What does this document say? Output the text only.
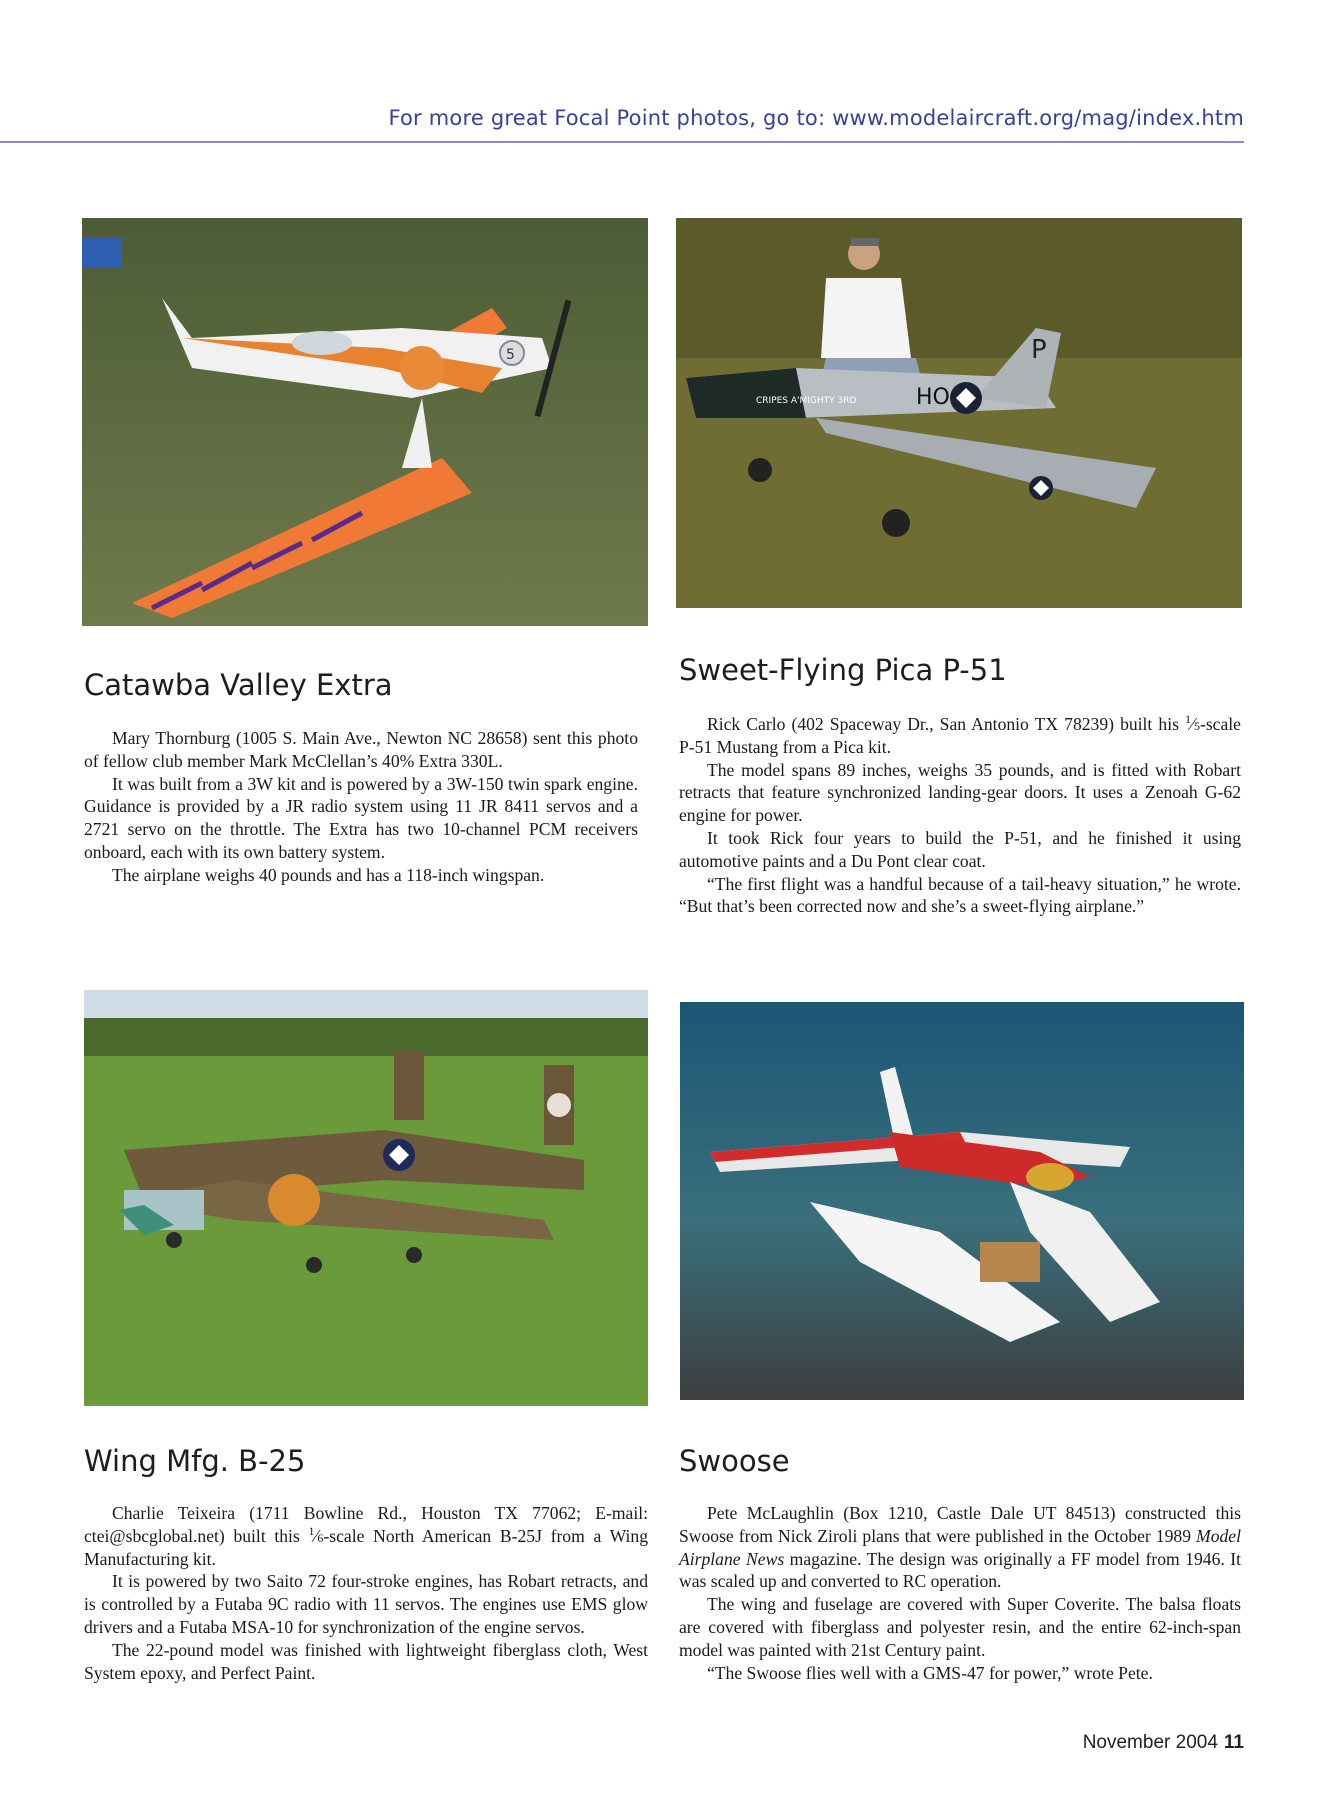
For more great Focal Point photos, go to: www.modelaircraft.org/mag/index.htm
5	P
HO
CRIPES A'MIGHTY 3RD
Catawba Valley Extra	Sweet-Flying Pica P-51
Wing Mfg. B-25	Swoose

Mary Thornburg (1005 S. Main Ave., Newton NC 28658) sent this photo of fellow club member Mark McClellan’s 40% Extra 330L.

It was built from a 3W kit and is powered by a 3W-150 twin spark engine. Guidance is provided by a JR radio system using 11 JR 8411 servos and a 2721 servo on the throttle. The Extra has two 10-channel PCM receivers onboard, each with its own battery system.

The airplane weighs 40 pounds and has a 118-inch wingspan.

Rick Carlo (402 Spaceway Dr., San Antonio TX 78239) built his $^1$⁄5-scale P-51 Mustang from a Pica kit.

The model spans 89 inches, weighs 35 pounds, and is fitted with Robart retracts that feature synchronized landing-gear doors. It uses a Zenoah G-62 engine for power.

It took Rick four years to build the P-51, and he finished it using automotive paints and a Du Pont clear coat.

“The first flight was a handful because of a tail-heavy situation,” he wrote. “But that’s been corrected now and she’s a sweet-flying airplane.”

Charlie Teixeira (1711 Bowline Rd., Houston TX 77062; E-mail: ctei@sbcglobal.net) built this $^1$⁄6-scale North American B-25J from a Wing Manufacturing kit.

It is powered by two Saito 72 four-stroke engines, has Robart retracts, and is controlled by a Futaba 9C radio with 11 servos. The engines use EMS glow drivers and a Futaba MSA-10 for synchronization of the engine servos.

The 22-pound model was finished with lightweight fiberglass cloth, West System epoxy, and Perfect Paint.

Pete McLaughlin (Box 1210, Castle Dale UT 84513) constructed this Swoose from Nick Ziroli plans that were published in the October 1989 Model Airplane News magazine. The design was originally a FF model from 1946. It was scaled up and converted to RC operation.

The wing and fuselage are covered with Super Coverite. The balsa floats are covered with fiberglass and polyester resin, and the entire 62-inch-span model was painted with 21st Century paint.

“The Swoose flies well with a GMS-47 for power,” wrote Pete.

November 2004 11
